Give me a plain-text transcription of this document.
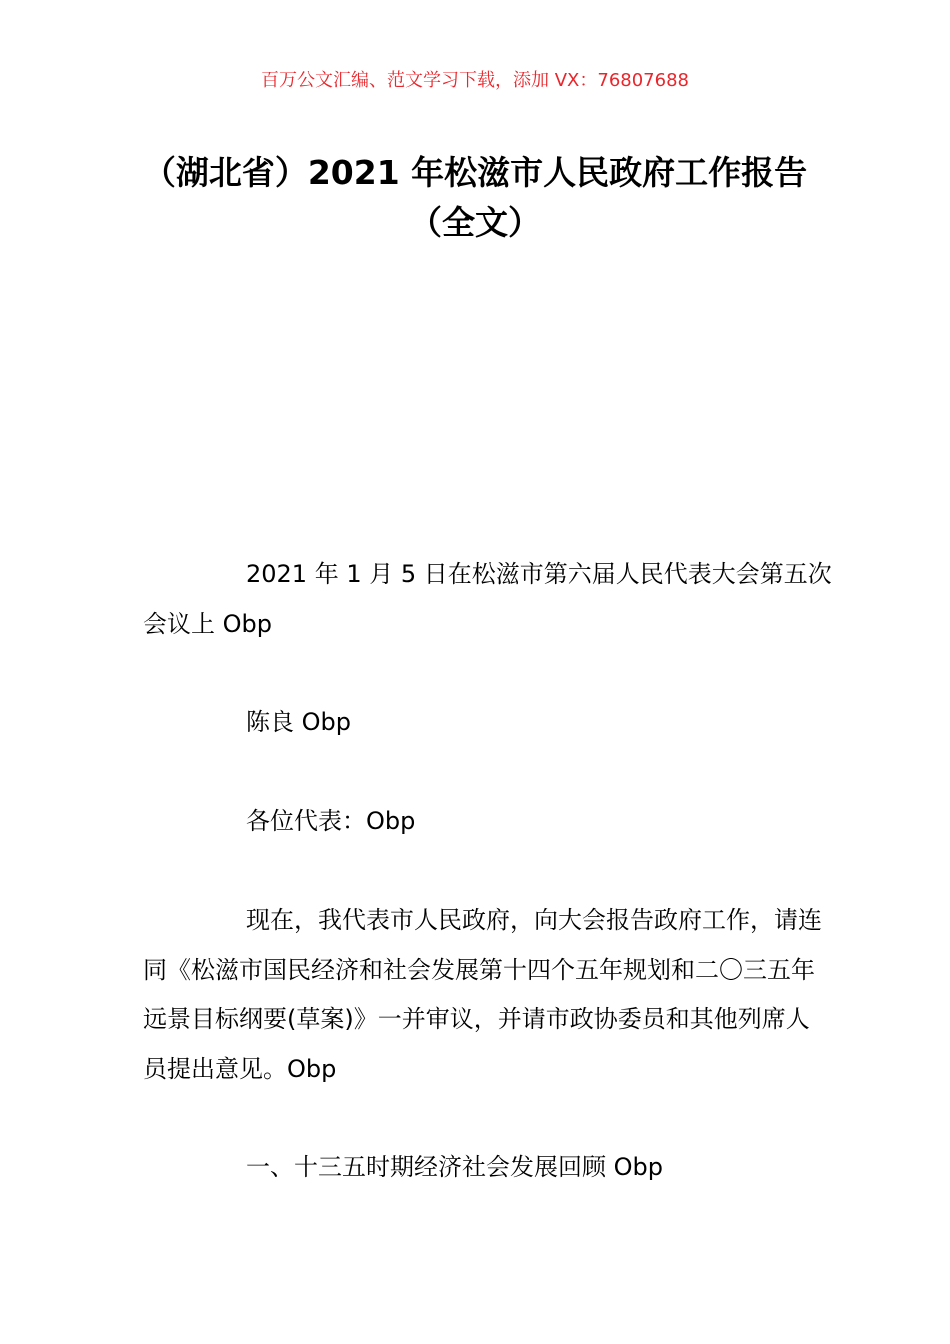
百万公文汇编、范文学习下载，添加 VX：76807688
（湖北省）2021 年松滋市人民政府工作报告（全文）

2021 年 1 月 5 日在松滋市第六届人民代表大会第五次会议上 Obp

陈良 Obp

各位代表：Obp

现在，我代表市人民政府，向大会报告政府工作，请连同《松滋市国民经济和社会发展第十四个五年规划和二〇三五年远景目标纲要(草案)》一并审议，并请市政协委员和其他列席人员提出意见。Obp

一、十三五时期经济社会发展回顾 Obp
